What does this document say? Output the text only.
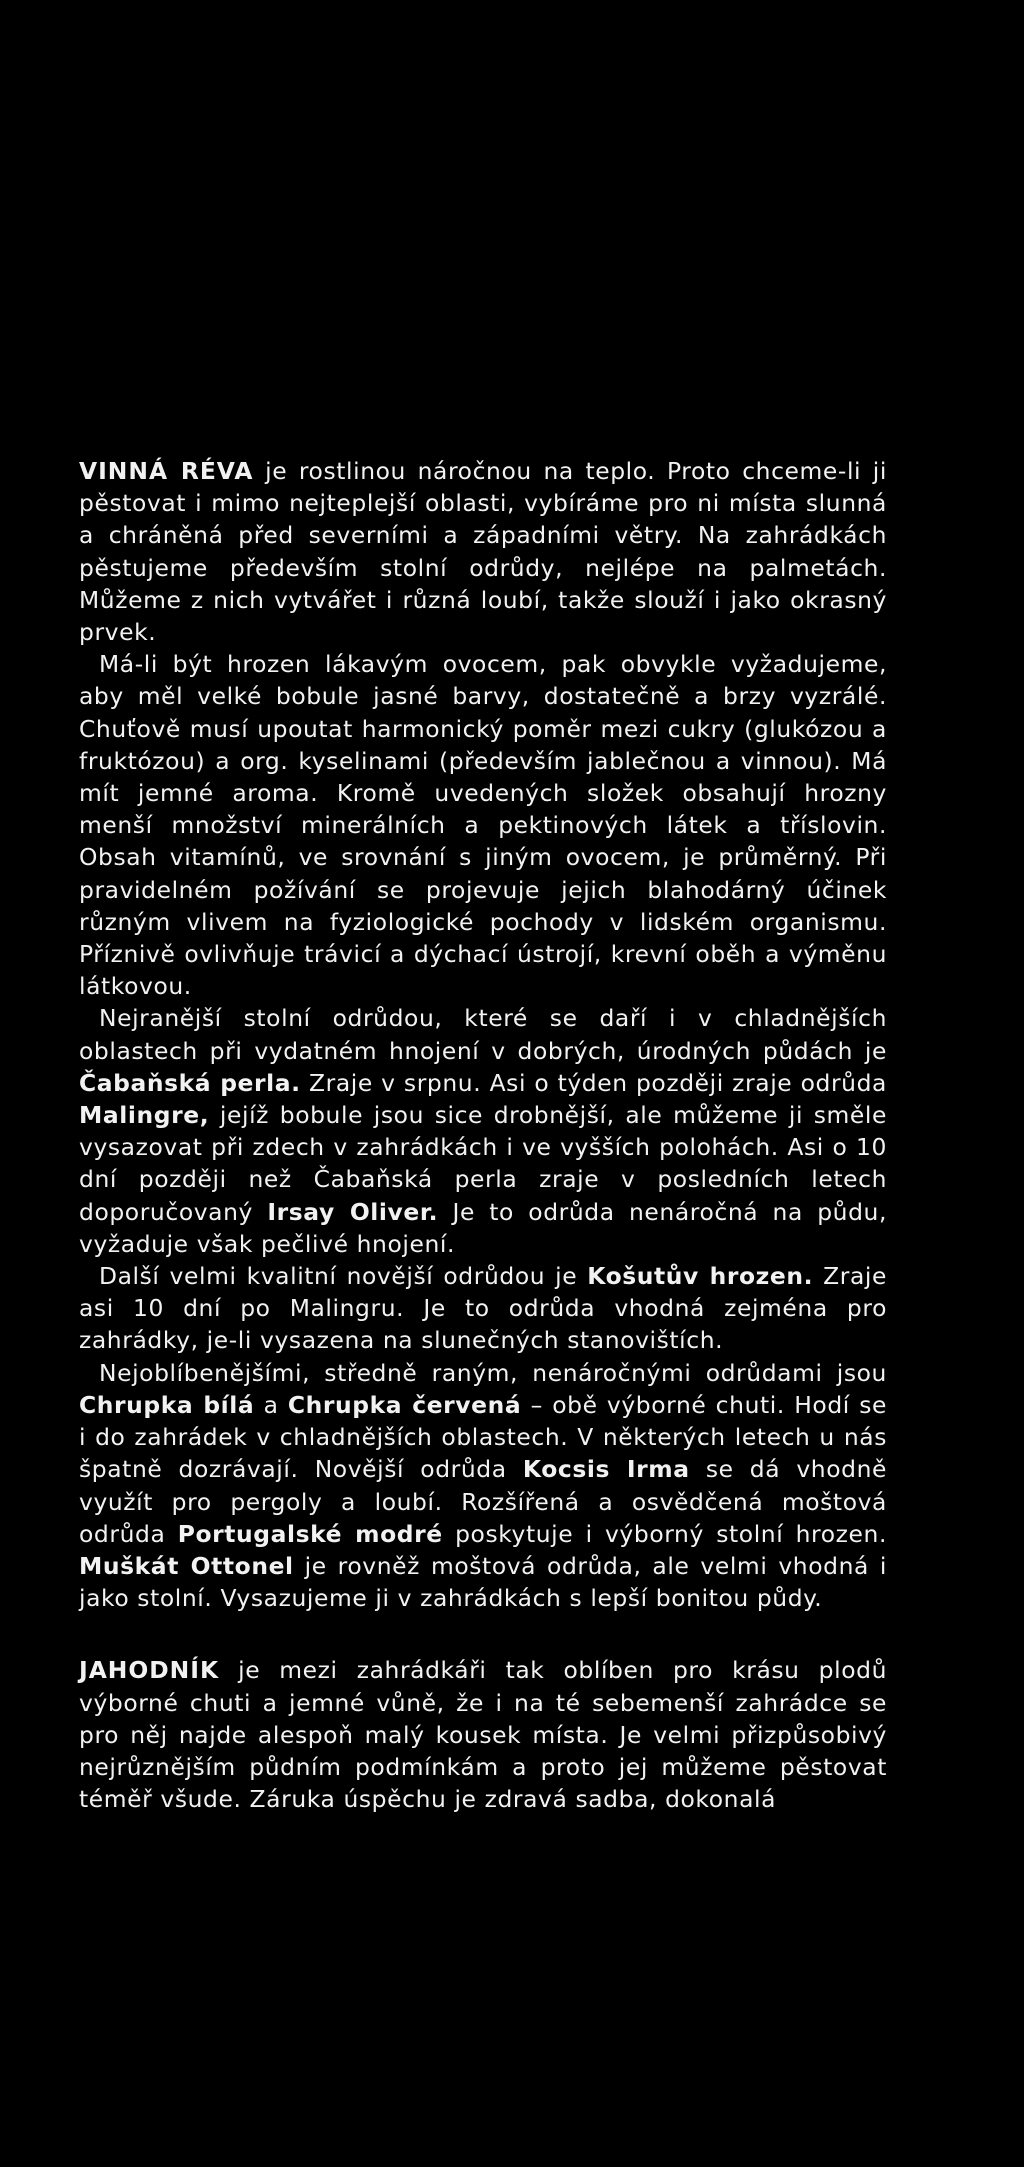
VINNÁ RÉVA je rostlinou náročnou na teplo. Proto chceme-li ji pěstovat i mimo nejteplejší oblasti, vybíráme pro ni místa slunná a chráněná před severními a západními větry. Na zahrádkách pěstujeme především stolní odrůdy, nejlépe na palmetách. Můžeme z nich vytvářet i různá loubí, takže slouží i jako okrasný prvek.

Má-li být hrozen lákavým ovocem, pak obvykle vyžadujeme, aby měl velké bobule jasné barvy, dostatečně a brzy vyzrálé. Chuťově musí upoutat harmonický poměr mezi cukry (glukózou a fruktózou) a org. kyselinami (především jablečnou a vinnou). Má mít jemné aroma. Kromě uvedených složek obsahují hrozny menší množství minerálních a pektinových látek a tříslovin. Obsah vitamínů, ve srovnání s jiným ovocem, je průměrný. Při pravidelném požívání se projevuje jejich blahodárný účinek různým vlivem na fyziologické pochody v lidském organismu. Příznivě ovlivňuje trávicí a dýchací ústrojí, krevní oběh a výměnu látkovou.

Nejranější stolní odrůdou, které se daří i v chladnějších oblastech při vydatném hnojení v dobrých, úrodných půdách je Čabaňská perla. Zraje v srpnu. Asi o týden později zraje odrůda Malingre, jejíž bobule jsou sice drobnější, ale můžeme ji směle vysazovat při zdech v zahrádkách i ve vyšších polohách. Asi o 10 dní později než Čabaňská perla zraje v posledních letech doporučovaný Irsay Oliver. Je to odrůda nenáročná na půdu, vyžaduje však pečlivé hnojení.

Další velmi kvalitní novější odrůdou je Košutův hrozen. Zraje asi 10 dní po Malingru. Je to odrůda vhodná zejména pro zahrádky, je-li vysazena na slunečných stanovištích.

Nejoblíbenějšími, středně raným, nenáročnými odrůdami jsou Chrupka bílá a Chrupka červená – obě výborné chuti. Hodí se i do zahrádek v chladnějších oblastech. V některých letech u nás špatně dozrávají. Novější odrůda Kocsis Irma se dá vhodně využít pro pergoly a loubí. Rozšířená a osvědčená moštová odrůda Portugalské modré poskytuje i výborný stolní hrozen. Muškát Ottonel je rovněž moštová odrůda, ale velmi vhodná i jako stolní. Vysazujeme ji v zahrádkách s lepší bonitou půdy.

JAHODNÍK je mezi zahrádkáři tak oblíben pro krásu plodů výborné chuti a jemné vůně, že i na té sebemenší zahrádce se pro něj najde alespoň malý kousek místa. Je velmi přizpůsobivý nejrůznějším půdním podmínkám a proto jej můžeme pěstovat téměř všude. Záruka úspěchu je zdravá sadba, dokonalá
